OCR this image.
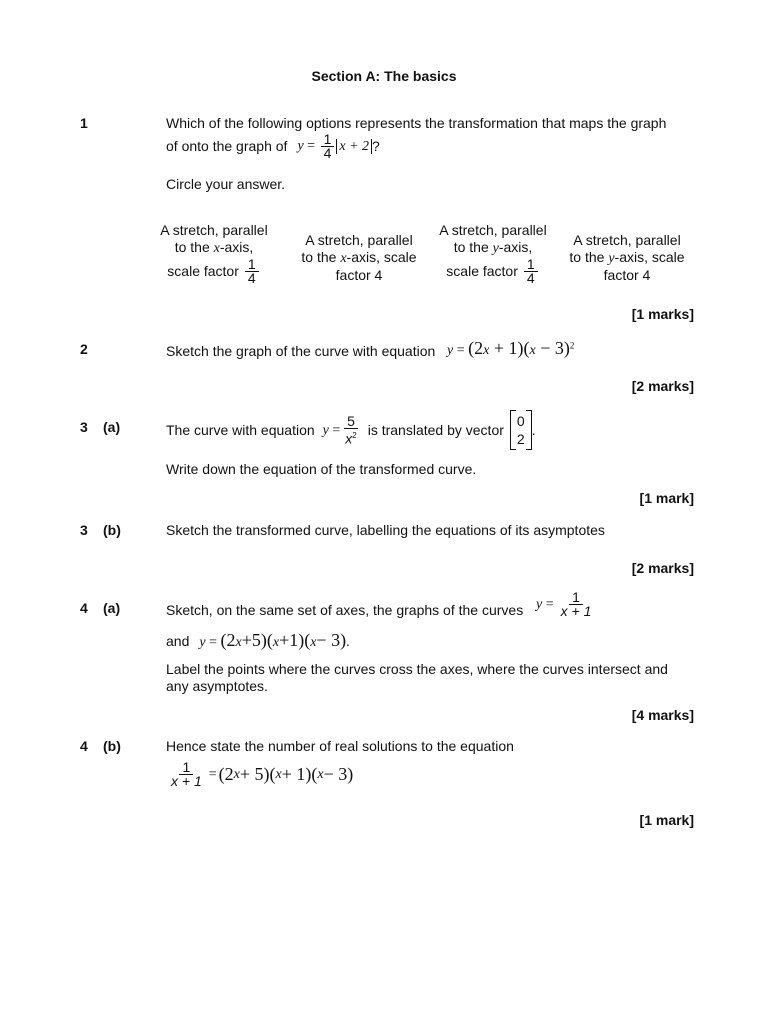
Section A: The basics
1	Which of the following options represents the transformation that maps the graph
of onto the graph of $y = \frac{1}{4}$ x + 2 ?
Circle your answer.
A stretch, parallel
to the x-axis,
scale factor $\frac{1}{4}$
A stretch, parallel
to the x-axis, scale
factor 4
A stretch, parallel
to the y-axis,
scale factor $\frac{1}{4}$
A stretch, parallel
to the y-axis, scale
factor 4
[1 marks]
2	Sketch the graph of the curve with equation $y = (2x + 1)(x - 3)^2$
[2 marks]
3 (a)	The curve with equation y
= $\frac{5}{x^2}$ is translated by vector
0
2
.
Write down the equation of the transformed curve.
[1 mark]
3 (b)	Sketch the transformed curve, labelling the equations of its asymptotes
[2 marks]
4 (a)	Sketch, on the same set of axes, the graphs of the curves y
= $\frac{1}{x + 1}$
and y = (2x+5)(x+1)(x− 3).
Label the points where the curves cross the axes, where the curves intersect and
any asymptotes.
[4 marks]
4 (b)	Hence state the number of real solutions to the equation
$\frac{1}{x + 1} = (2$ x + 5)( x + 1)( x − 3)
[1 mark]
